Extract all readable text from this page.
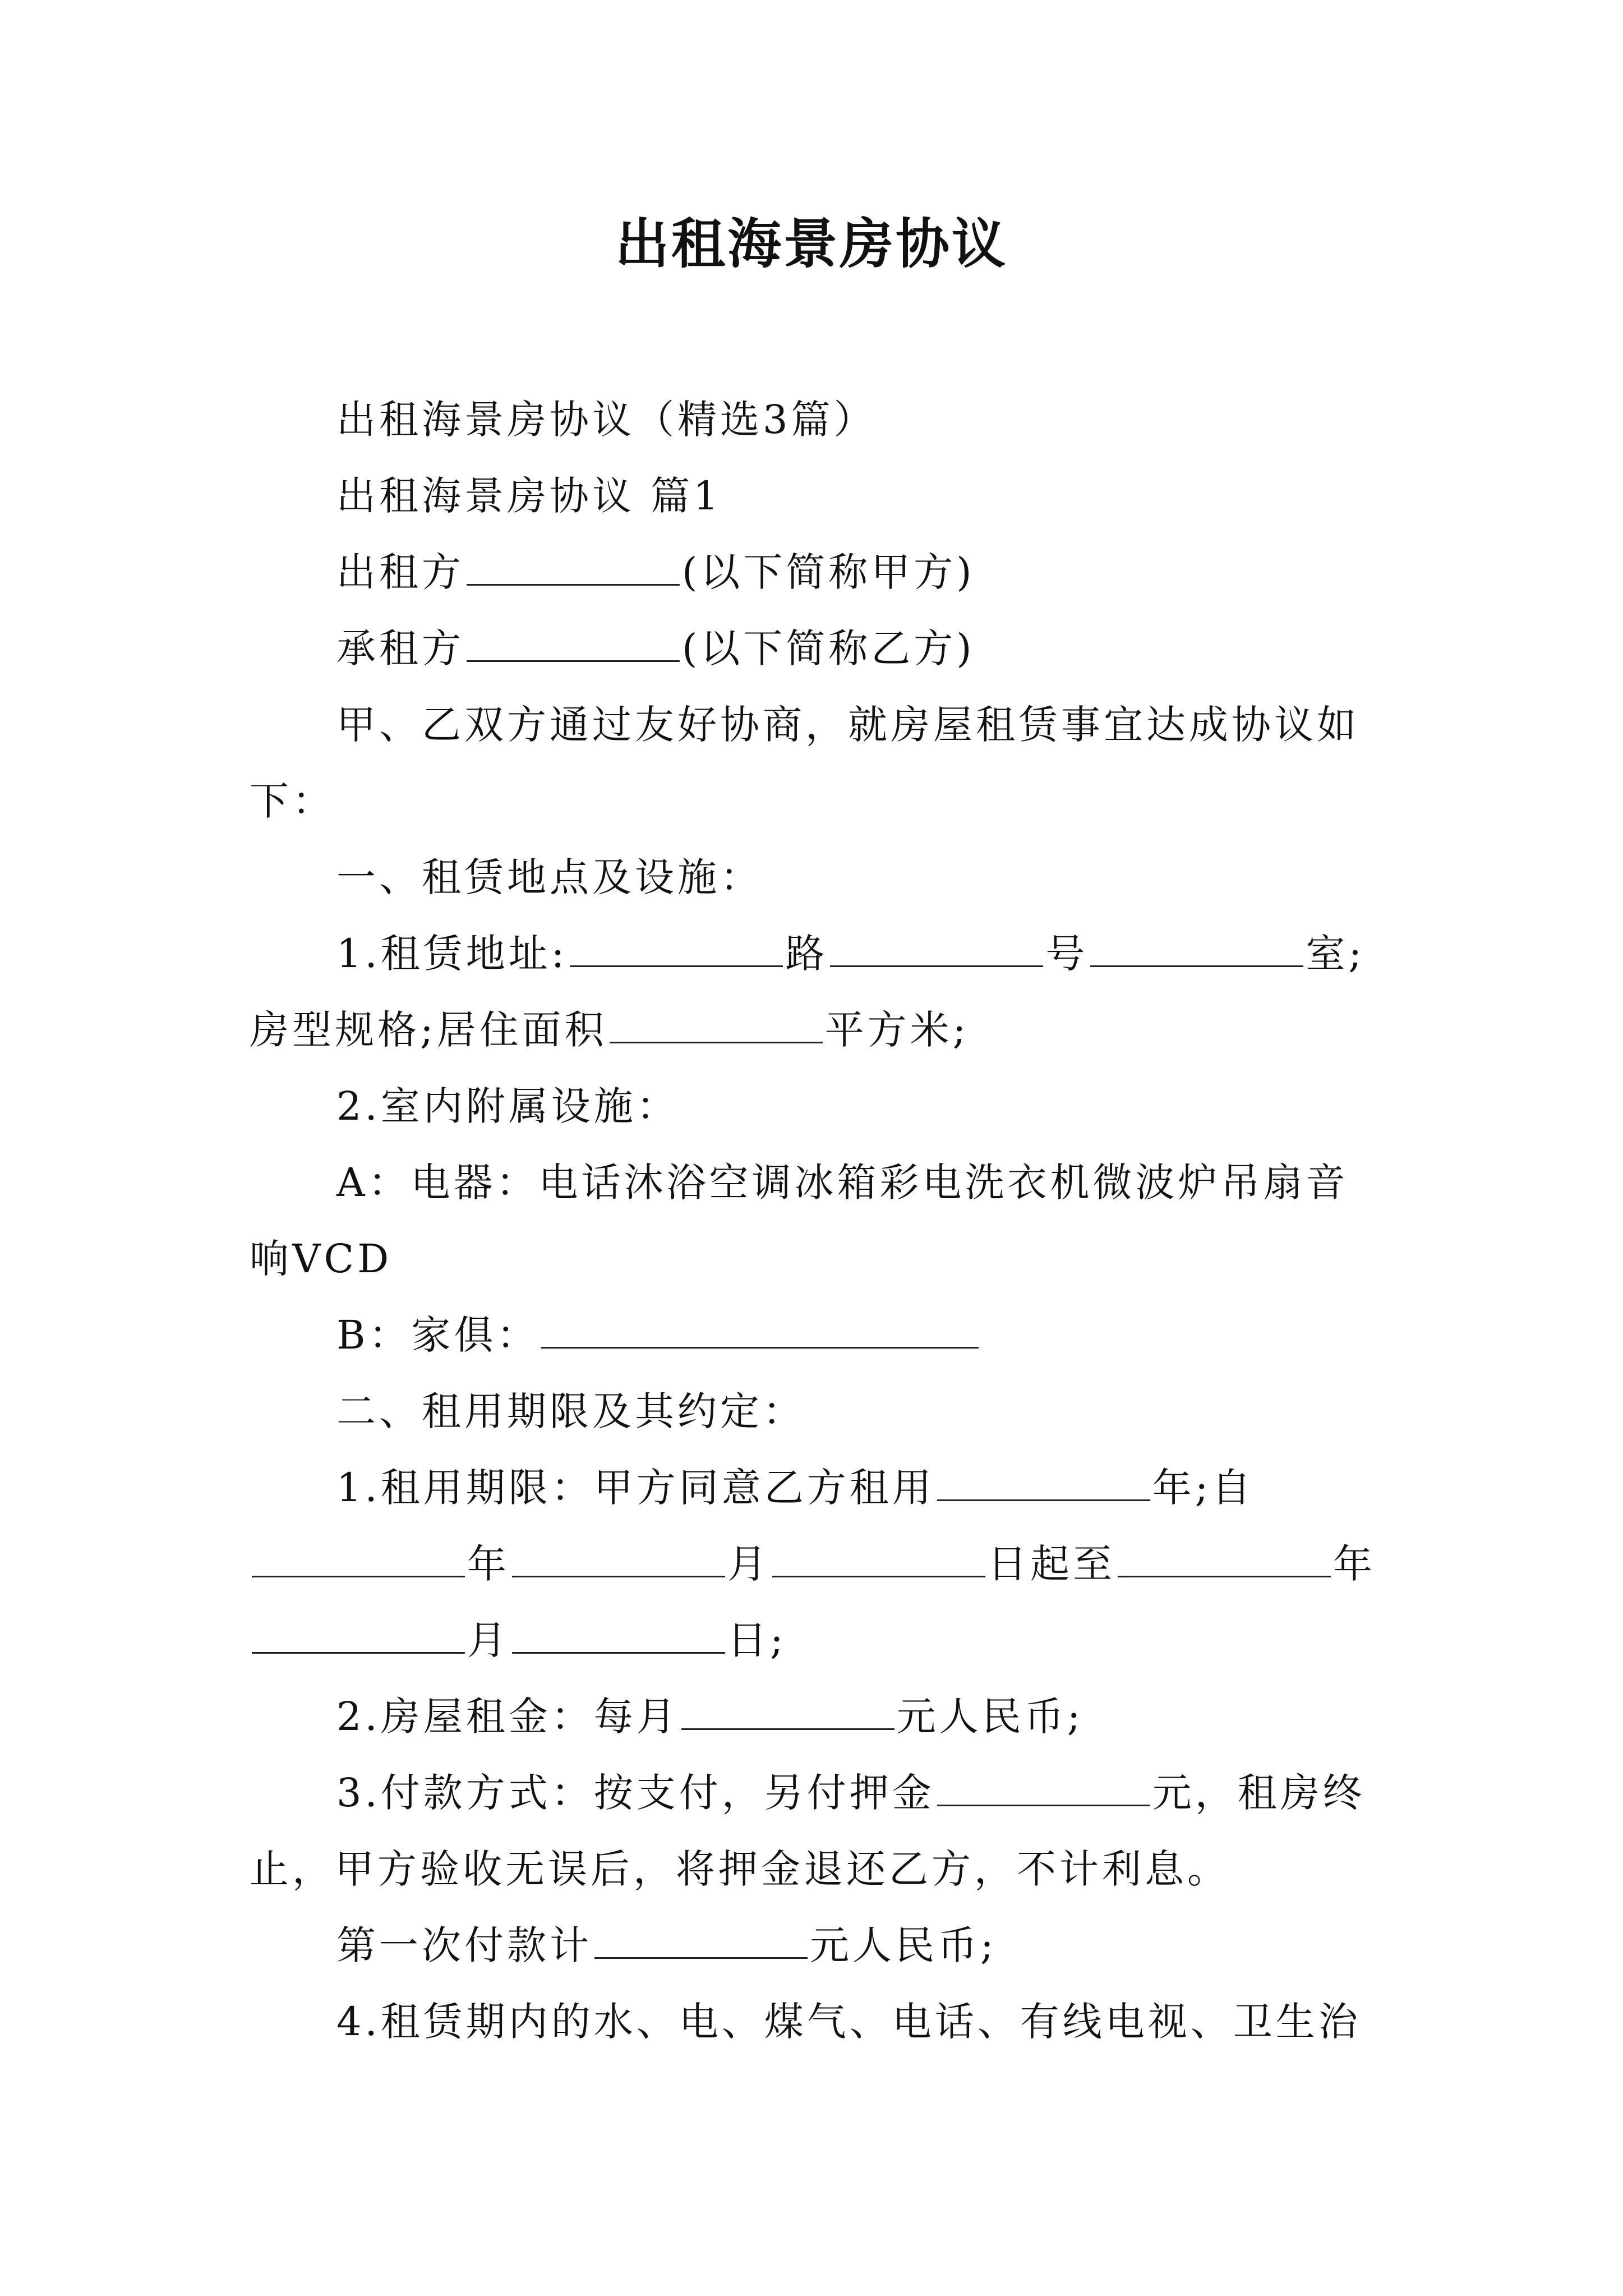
出租海景房协议

出租海景房协议（精选3篇）

出租海景房协议 篇1

出租方	(以下简称甲方)

承租方	(以下简称乙方)

甲、乙双方通过友好协商，就房屋租赁事宜达成协议如下：

一、租赁地点及设施：

1.租赁地址:	路	号	室;房型规格;居住面积	平方米;

2.室内附属设施：

A：电器：电话沐浴空调冰箱彩电洗衣机微波炉吊扇音响VCD

B：家俱：

二、租用期限及其约定：

1.租用期限：甲方同意乙方租用	年;自年	月	日起至	年月	日;

2.房屋租金：每月	元人民币;

3.付款方式：按支付，另付押金	元，租房终止，甲方验收无误后，将押金退还乙方，不计利息。

第一次付款计	元人民币;

4.租赁期内的水、电、煤气、电话、有线电视、卫生治
